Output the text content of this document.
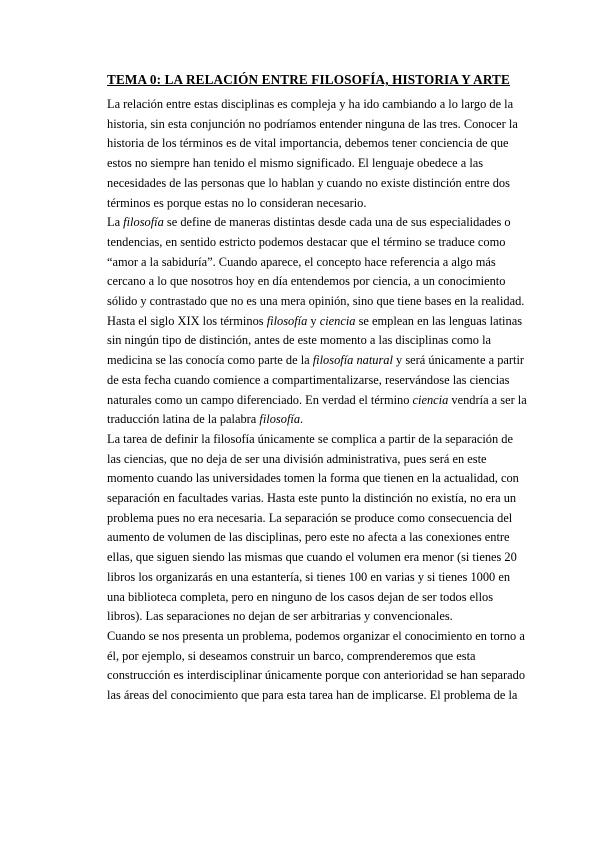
TEMA 0: LA RELACIÓN ENTRE FILOSOFÍA, HISTORIA Y ARTE

La relación entre estas disciplinas es compleja y ha ido cambiando a lo largo de la historia, sin esta conjunción no podríamos entender ninguna de las tres. Conocer la historia de los términos es de vital importancia, debemos tener conciencia de que estos no siempre han tenido el mismo significado. El lenguaje obedece a las necesidades de las personas que lo hablan y cuando no existe distinción entre dos términos es porque estas no lo consideran necesario.

La filosofía se define de maneras distintas desde cada una de sus especialidades o tendencias, en sentido estricto podemos destacar que el término se traduce como “amor a la sabiduría”. Cuando aparece, el concepto hace referencia a algo más cercano a lo que nosotros hoy en día entendemos por ciencia, a un conocimiento sólido y contrastado que no es una mera opinión, sino que tiene bases en la realidad. Hasta el siglo XIX los términos filosofía y ciencia se emplean en las lenguas latinas sin ningún tipo de distinción, antes de este momento a las disciplinas como la medicina se las conocía como parte de la filosofía natural y será únicamente a partir de esta fecha cuando comience a compartimentalizarse, reservándose las ciencias naturales como un campo diferenciado. En verdad el término ciencia vendría a ser la traducción latina de la palabra filosofía.

La tarea de definir la filosofía únicamente se complica a partir de la separación de las ciencias, que no deja de ser una división administrativa, pues será en este momento cuando las universidades tomen la forma que tienen en la actualidad, con separación en facultades varias. Hasta este punto la distinción no existía, no era un problema pues no era necesaria. La separación se produce como consecuencia del aumento de volumen de las disciplinas, pero este no afecta a las conexiones entre ellas, que siguen siendo las mismas que cuando el volumen era menor (si tienes 20 libros los organizarás en una estantería, si tienes 100 en varias y si tienes 1000 en una biblioteca completa, pero en ninguno de los casos dejan de ser todos ellos libros). Las separaciones no dejan de ser arbitrarias y convencionales.

Cuando se nos presenta un problema, podemos organizar el conocimiento en torno a él, por ejemplo, si deseamos construir un barco, comprenderemos que esta construcción es interdisciplinar únicamente porque con anterioridad se han separado las áreas del conocimiento que para esta tarea han de implicarse. El problema de la
